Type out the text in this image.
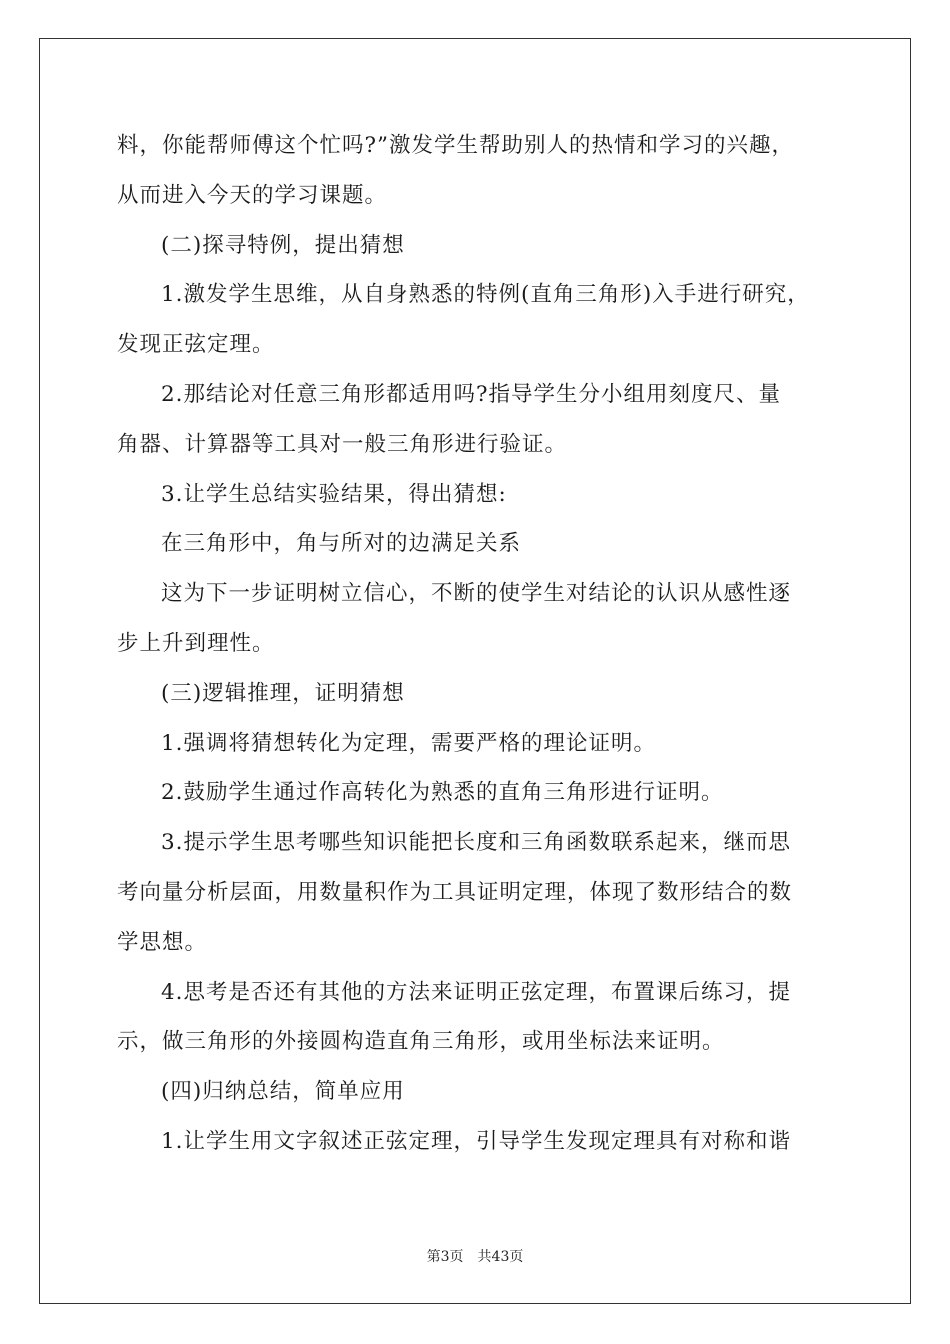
料，你能帮师傅这个忙吗?”激发学生帮助别人的热情和学习的兴趣，

从而进入今天的学习课题。

(二)探寻特例，提出猜想

1.激发学生思维，从自身熟悉的特例(直角三角形)入手进行研究，

发现正弦定理。

2.那结论对任意三角形都适用吗?指导学生分小组用刻度尺、量

角器、计算器等工具对一般三角形进行验证。

3.让学生总结实验结果，得出猜想:

在三角形中，角与所对的边满足关系

这为下一步证明树立信心，不断的使学生对结论的认识从感性逐

步上升到理性。

(三)逻辑推理，证明猜想

1.强调将猜想转化为定理，需要严格的理论证明。

2.鼓励学生通过作高转化为熟悉的直角三角形进行证明。

3.提示学生思考哪些知识能把长度和三角函数联系起来，继而思

考向量分析层面，用数量积作为工具证明定理，体现了数形结合的数

学思想。

4.思考是否还有其他的方法来证明正弦定理，布置课后练习，提

示，做三角形的外接圆构造直角三角形，或用坐标法来证明。

(四)归纳总结，简单应用

1.让学生用文字叙述正弦定理，引导学生发现定理具有对称和谐

第3页 共43页
